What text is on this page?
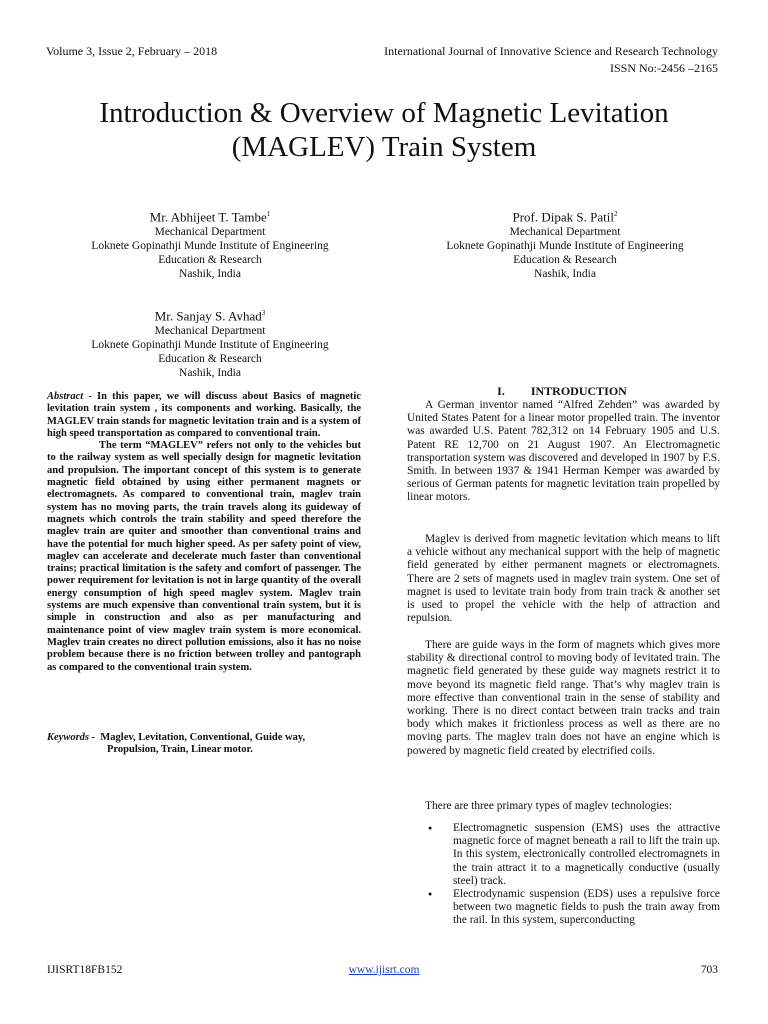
Volume 3, Issue 2, February – 2018	International Journal of Innovative Science and Research Technology
ISSN No:-2456 –2165
Introduction & Overview of Magnetic Levitation (MAGLEV) Train System
Mr. Abhijeet T. Tambe$^1$
Mechanical Department
Loknete Gopinathji Munde Institute of Engineering
Education & Research
Nashik, India
Prof. Dipak S. Patil$^2$
Mechanical Department
Loknete Gopinathji Munde Institute of Engineering
Education & Research
Nashik, India
Mr. Sanjay S. Avhad$^3$
Mechanical Department
Loknete Gopinathji Munde Institute of Engineering
Education & Research
Nashik, India
Abstract - In this paper, we will discuss about Basics of magnetic levitation train system , its components and working. Basically, the MAGLEV train stands for magnetic levitation train and is a system of high speed transportation as compared to conventional train.
The term “MAGLEV” refers not only to the vehicles but to the railway system as well specially design for magnetic levitation and propulsion. The important concept of this system is to generate magnetic field obtained by using either permanent magnets or electromagnets. As compared to conventional train, maglev train system has no moving parts, the train travels along its guideway of magnets which controls the train stability and speed therefore the maglev train are quiter and smoother than conventional trains and have the potential for much higher speed. As per safety point of view, maglev can accelerate and decelerate much faster than conventional trains; practical limitation is the safety and comfort of passenger. The power requirement for levitation is not in large quantity of the overall energy consumption of high speed maglev system. Maglev train systems are much expensive than conventional train system, but it is simple in construction and also as per manufacturing and maintenance point of view maglev train system is more economical. Maglev train creates no direct pollution emissions, also it has no noise problem because there is no friction between trolley and pantograph as compared to the conventional train system.
Keywords - Maglev, Levitation, Conventional, Guide way,
Propulsion, Train, Linear motor.
I. INTRODUCTION
A German inventor named “Alfred Zehden” was awarded by United States Patent for a linear motor propelled train. The inventor was awarded U.S. Patent 782,312 on 14 February 1905 and U.S. Patent RE 12,700 on 21 August 1907. An Electromagnetic transportation system was discovered and developed in 1907 by F.S. Smith. In between 1937 & 1941 Herman Kemper was awarded by serious of German patents for magnetic levitation train propelled by linear motors.
Maglev is derived from magnetic levitation which means to lift a vehicle without any mechanical support with the help of magnetic field generated by either permanent magnets or electromagnets. There are 2 sets of magnets used in maglev train system. One set of magnet is used to levitate train body from train track & another set is used to propel the vehicle with the help of attraction and repulsion.
There are guide ways in the form of magnets which gives more stability & directional control to moving body of levitated train. The magnetic field generated by these guide way magnets restrict it to move beyond its magnetic field range. That’s why maglev train is more effective than conventional train in the sense of stability and working. There is no direct contact between train tracks and train body which makes it frictionless process as well as there are no moving parts. The maglev train does not have an engine which is powered by magnetic field created by electrified coils.
There are three primary types of maglev technologies:
● Electromagnetic suspension (EMS) uses the attractive magnetic force of magnet beneath a rail to lift the train up. In this system, electronically controlled electromagnets in the train attract it to a magnetically conductive (usually steel) track.
● Electrodynamic suspension (EDS) uses a repulsive force between two magnetic fields to push the train away from the rail. In this system, superconducting
IJISRT18FB152	www.ijisrt.com	703
